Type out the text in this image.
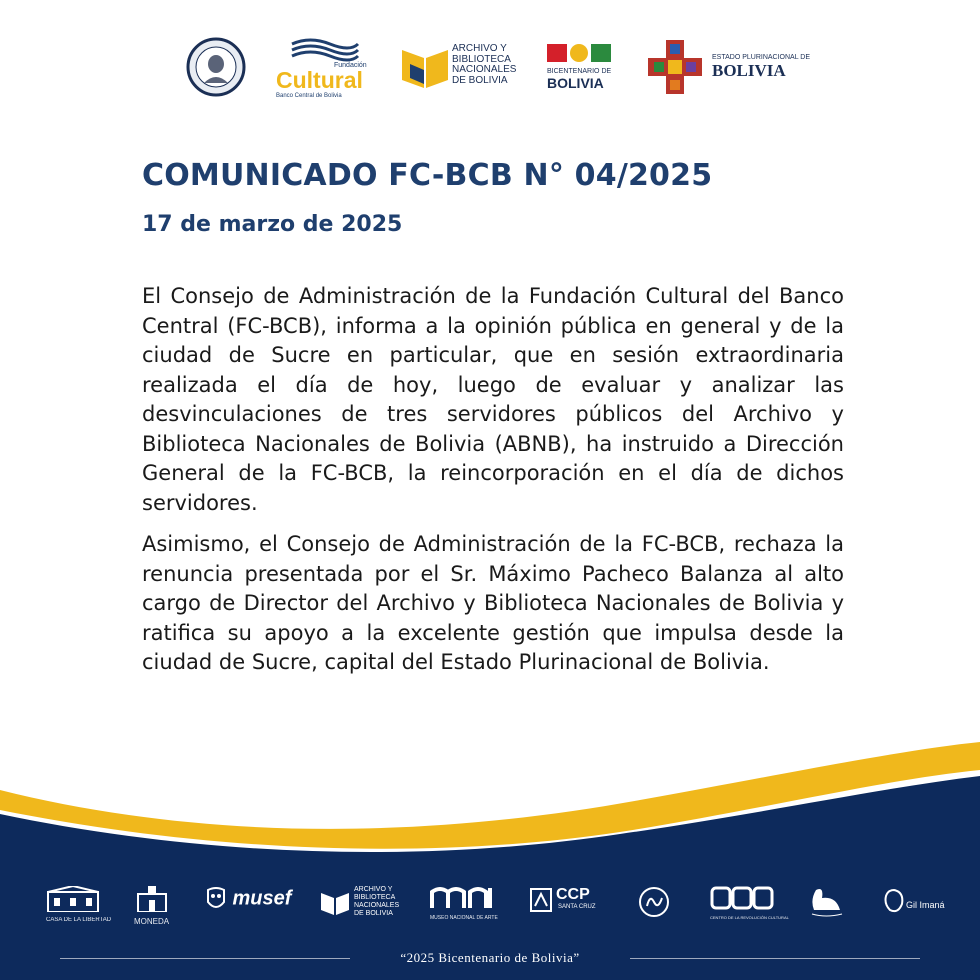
Fundación
Cultural
Banco Central de Bolivia
ARCHIVO Y
BIBLIOTECA
NACIONALES
DE BOLIVIA
BICENTENARIO DE
BOLIVIA
ESTADO PLURINACIONAL DE
BOLIVIA
COMUNICADO FC-BCB N° 04/2025
17 de marzo de 2025

El Consejo de Administración de la Fundación Cultural del Banco Central (FC-BCB), informa a la opinión pública en general y de la ciudad de Sucre en particular, que en sesión extraordinaria realizada el día de hoy, luego de evaluar y analizar las desvinculaciones de tres servidores públicos del Archivo y Biblioteca Nacionales de Bolivia (ABNB), ha instruido a Dirección General de la FC-BCB, la reincorporación en el día de dichos servidores.

Asimismo, el Consejo de Administración de la FC-BCB, rechaza la renuncia presentada por el Sr. Máximo Pacheco Balanza al alto cargo de Director del Archivo y Biblioteca Nacionales de Bolivia y ratifica su apoyo a la excelente gestión que impulsa desde la ciudad de Sucre, capital del Estado Plurinacional de Bolivia.

CASA DE LA LIBERTAD	MONEDA
musef	ARCHIVO Y
BIBLIOTECA
NACIONALES
DE BOLIVIA
MUSEO NACIONAL DE ARTE
CCP
SANTA CRUZ
CENTRO DE LA REVOLUCIÓN CULTURAL
Gil Imaná
“2025 Bicentenario de Bolivia”
